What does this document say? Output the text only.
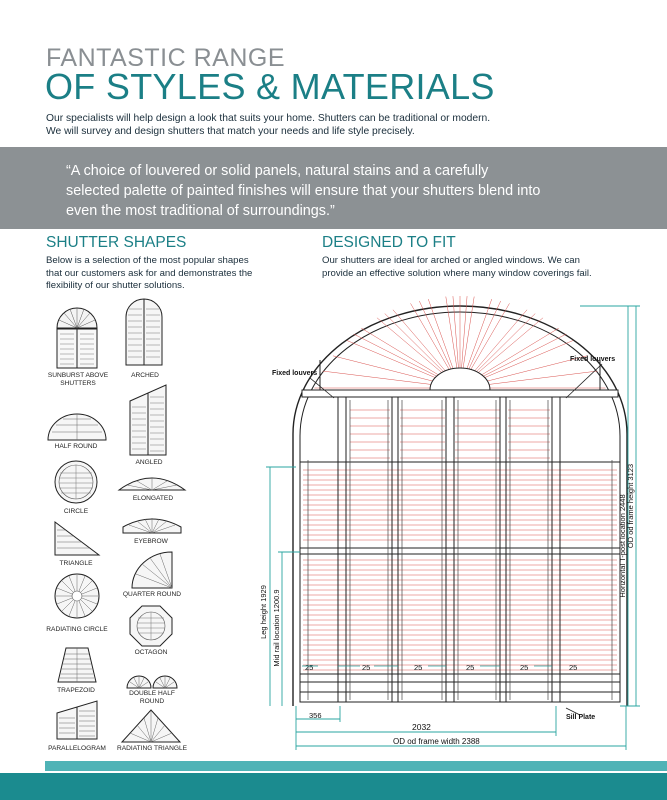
FANTASTIC RANGE
OF STYLES & MATERIALS
Our specialists will help design a look that suits your home. Shutters can be traditional or modern.
We will survey and design shutters that match your needs and life style precisely.

“A choice of louvered or solid panels, natural stains and a carefully
selected palette of painted finishes will ensure that your shutters blend into
even the most traditional of surroundings.”

SHUTTER SHAPES
Below is a selection of the most popular shapes
that our customers ask for and demonstrates the
flexibility of our shutter solutions.
DESIGNED TO FIT
Our shutters are ideal for arched or angled windows. We can
provide an effective solution where many window coverings fail.
SUNBURST ABOVE SHUTTERS
HALF ROUND
CIRCLE
TRIANGLE
RADIATING CIRCLE
TRAPEZOID
PARALLELOGRAM
ARCHED
ANGLED
ELONGATED
EYEBROW
QUARTER ROUND
OCTAGON
DOUBLE HALF ROUND
RADIATING TRIANGLE
Fixed louvers
Fixed louvers
Leg height 1929 Mid rail location 1200.9
Horizontal T-post location 2448 OD od frame height 3123
25	25	25	25	25	25
356
2032
OD od frame width 2388
Sill Plate
